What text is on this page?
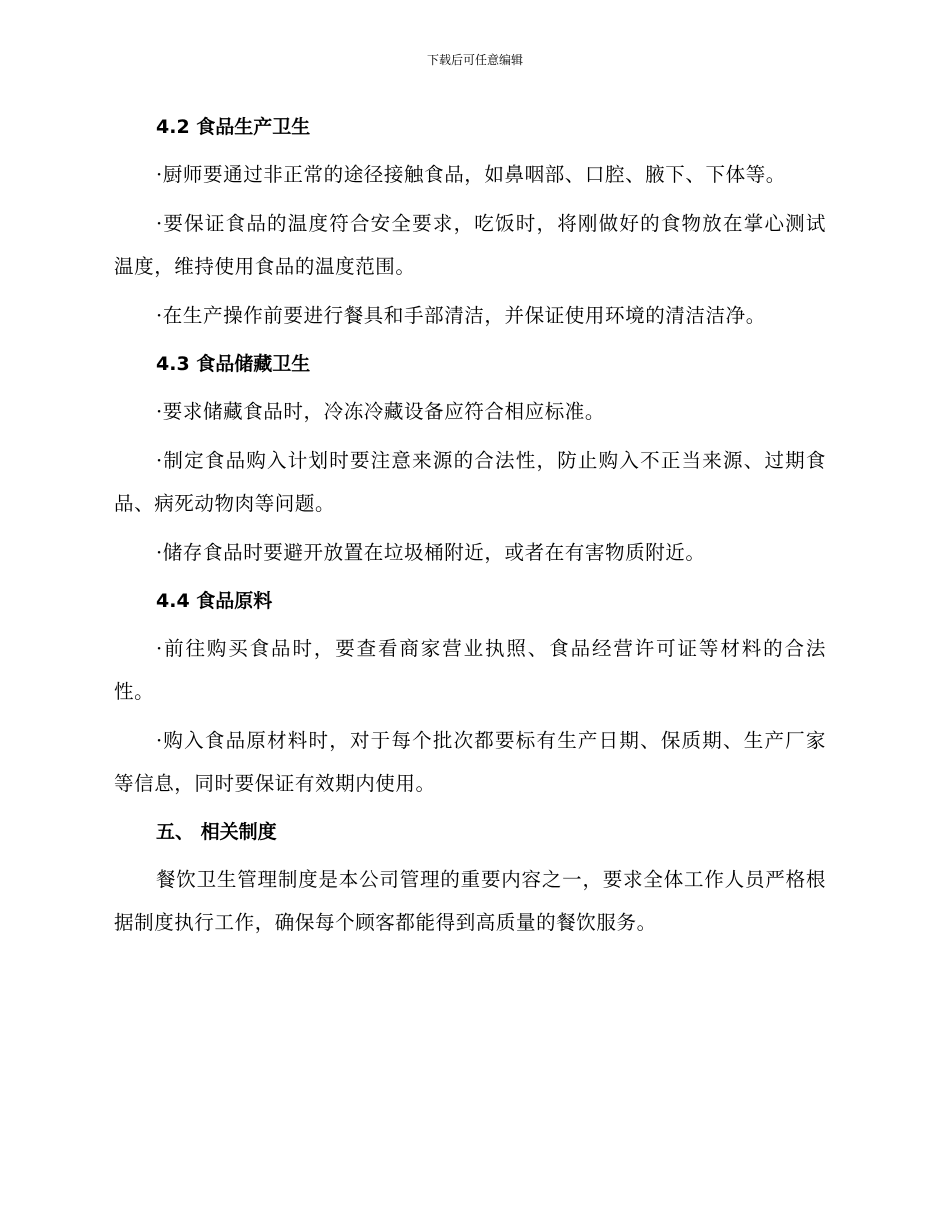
下载后可任意编辑
4.2 食品生产卫生

·厨师要通过非正常的途径接触食品，如鼻咽部、口腔、腋下、下体等。

·要保证食品的温度符合安全要求，吃饭时，将刚做好的食物放在掌心测试温度，维持使用食品的温度范围。

·在生产操作前要进行餐具和手部清洁，并保证使用环境的清洁洁净。

4.3 食品储藏卫生

·要求储藏食品时，冷冻冷藏设备应符合相应标准。

·制定食品购入计划时要注意来源的合法性，防止购入不正当来源、过期食品、病死动物肉等问题。

·储存食品时要避开放置在垃圾桶附近，或者在有害物质附近。

4.4 食品原料

·前往购买食品时，要查看商家营业执照、食品经营许可证等材料的合法性。

·购入食品原材料时，对于每个批次都要标有生产日期、保质期、生产厂家等信息，同时要保证有效期内使用。

五、 相关制度

餐饮卫生管理制度是本公司管理的重要内容之一，要求全体工作人员严格根据制度执行工作，确保每个顾客都能得到高质量的餐饮服务。
